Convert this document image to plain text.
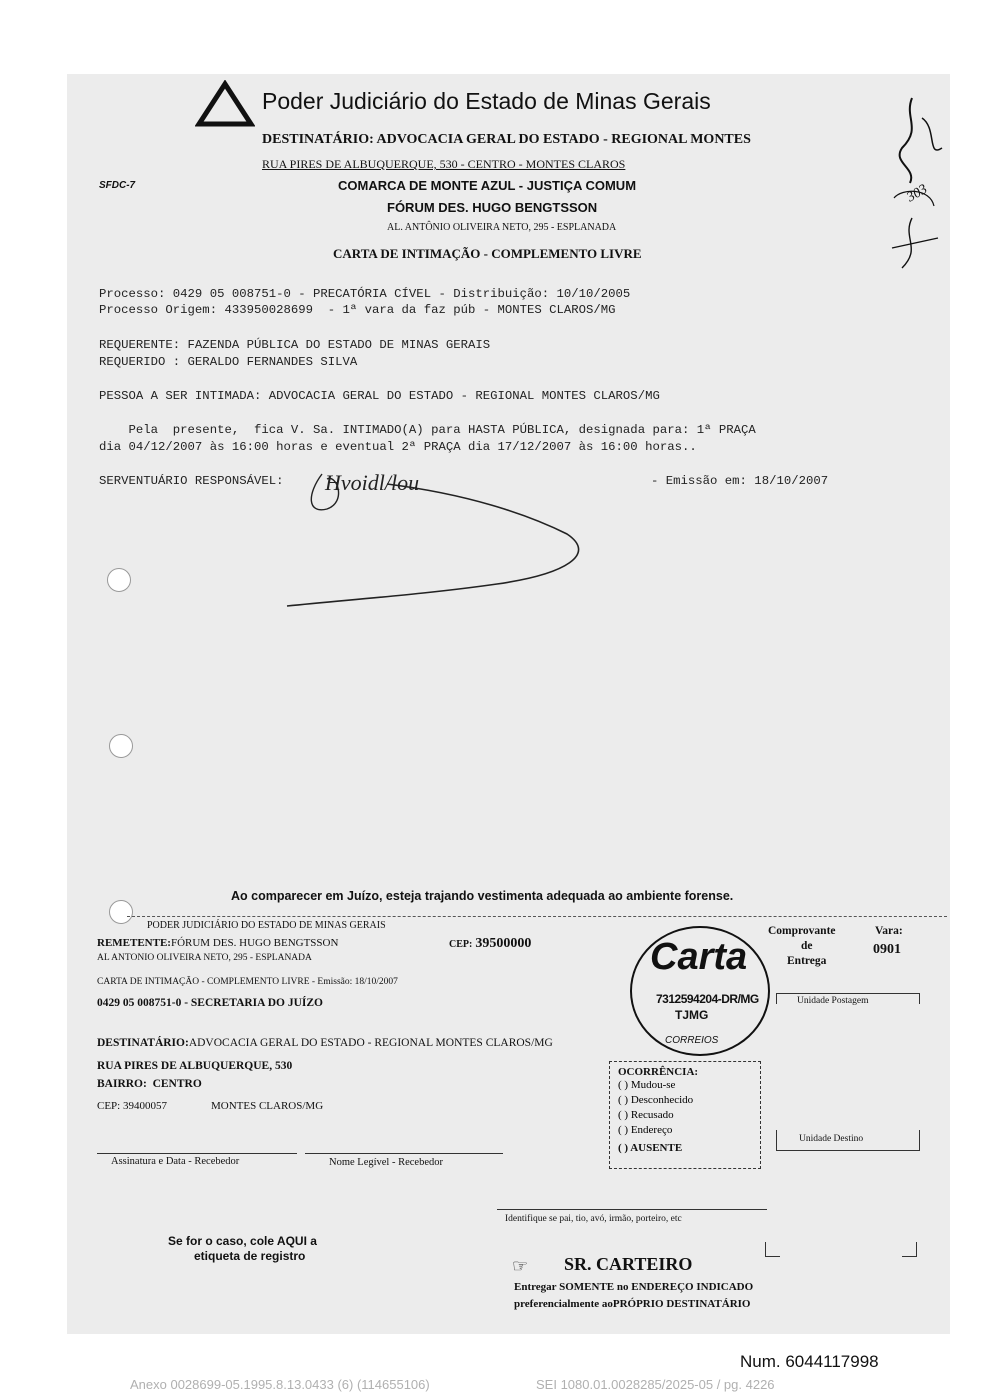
Poder Judiciário do Estado de Minas Gerais
DESTINATÁRIO: ADVOCACIA GERAL DO ESTADO - REGIONAL MONTES
RUA PIRES DE ALBUQUERQUE, 530 - CENTRO - MONTES CLAROS
SFDC-7	COMARCA DE MONTE AZUL - JUSTIÇA COMUM
FÓRUM DES. HUGO BENGTSSON
AL. ANTÔNIO OLIVEIRA NETO, 295 - ESPLANADA
CARTA DE INTIMAÇÃO - COMPLEMENTO LIVRE
Processo: 0429 05 008751-0 - PRECATÓRIA CÍVEL - Distribuição: 10/10/2005
Processo Origem: 433950028699  - 1ª vara da faz púb - MONTES CLAROS/MG
REQUERENTE: FAZENDA PÚBLICA DO ESTADO DE MINAS GERAIS
REQUERIDO : GERALDO FERNANDES SILVA
PESSOA A SER INTIMADA: ADVOCACIA GERAL DO ESTADO - REGIONAL MONTES CLAROS/MG
Pela  presente,  fica V. Sa. INTIMADO(A) para HASTA PÚBLICA, designada para: 1ª PRAÇA
dia 04/12/2007 às 16:00 horas e eventual 2ª PRAÇA dia 17/12/2007 às 16:00 horas..
SERVENTUÁRIO RESPONSÁVEL:	- Emissão em: 18/10/2007
Hvoidl/lou
303
Ao comparecer em Juízo, esteja trajando vestimenta adequada ao ambiente forense.
PODER JUDICIÁRIO DO ESTADO DE MINAS GERAIS
REMETENTE:FÓRUM DES. HUGO BENGTSSON
AL ANTONIO OLIVEIRA NETO, 295 - ESPLANADA
CEP: 39500000
CARTA DE INTIMAÇÃO - COMPLEMENTO LIVRE - Emissão: 18/10/2007
0429 05 008751-0 - SECRETARIA DO JUÍZO
DESTINATÁRIO:ADVOCACIA GERAL DO ESTADO - REGIONAL MONTES CLAROS/MG
RUA PIRES DE ALBUQUERQUE, 530
BAIRRO:  CENTRO
CEP: 39400057	MONTES CLAROS/MG
Assinatura e Data - Recebedor	Nome Legível - Recebedor
Identifique se pai, tio, avó, irmão, porteiro, etc
Se for o caso, cole AQUI a
etiqueta de registro
Carta
7312594204-DR/MG
TJMG
CORREIOS
Comprovante
de
Entrega
Vara:
0901
Unidade Postagem
Unidade Destino
OCORRÊNCIA:
( ) Mudou-se
( ) Desconhecido
( ) Recusado
( ) Endereço
( ) AUSENTE
☞ SR. CARTEIRO
Entregar SOMENTE no ENDEREÇO INDICADO
preferencialmente aoPRÓPRIO DESTINATÁRIO
Num. 6044117998
Anexo 0028699-05.1995.8.13.0433 (6) (114655106)	SEI 1080.01.0028285/2025-05 / pg. 4226
